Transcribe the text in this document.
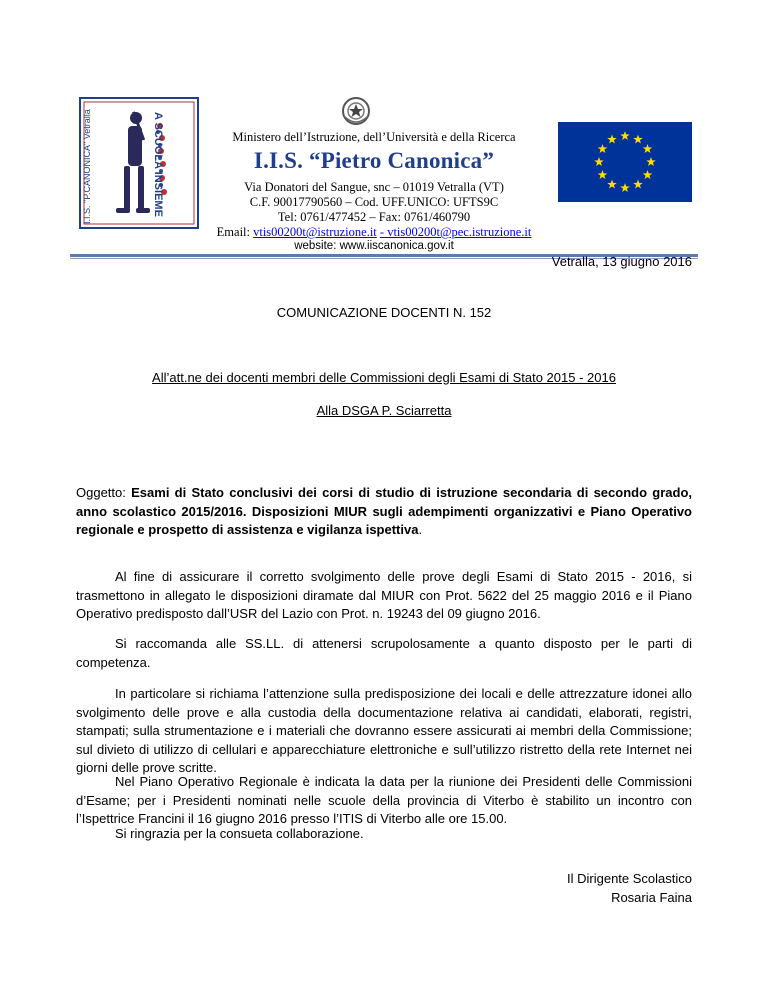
A SCUOLA INSIEME
I.I.S. "P.CANONICA" Vetralla	Ministero dell’Istruzione, dell’Università e della Ricerca
I.I.S. “Pietro Canonica”
Via Donatori del Sangue, snc – 01019 Vetralla (VT)
C.F. 90017790560 – Cod. UFF.UNICO: UFTS9C
Tel: 0761/477452 – Fax: 0761/460790
Email: vtis00200t@istruzione.it - vtis00200t@pec.istruzione.it
website: www.iiscanonica.gov.it
Vetralla, 13 giugno 2016
COMUNICAZIONE DOCENTI N. 152
All’att.ne dei docenti membri delle Commissioni degli Esami di Stato 2015 - 2016
Alla DSGA P. Sciarretta
Oggetto: Esami di Stato conclusivi dei corsi di studio di istruzione secondaria di secondo grado, anno scolastico 2015/2016. Disposizioni MIUR sugli adempimenti organizzativi e Piano Operativo regionale e prospetto di assistenza e vigilanza ispettiva.
Al fine di assicurare il corretto svolgimento delle prove degli Esami di Stato 2015 - 2016, si trasmettono in allegato le disposizioni diramate dal MIUR con Prot. 5622 del 25 maggio 2016 e il Piano Operativo predisposto dall’USR del Lazio con Prot. n. 19243 del 09 giugno 2016.
Si raccomanda alle SS.LL. di attenersi scrupolosamente a quanto disposto per le parti di competenza.
In particolare si richiama l’attenzione sulla predisposizione dei locali e delle attrezzature idonei allo svolgimento delle prove e alla custodia della documentazione relativa ai candidati, elaborati, registri, stampati; sulla strumentazione e i materiali che dovranno essere assicurati ai membri della Commissione; sul divieto di utilizzo di cellulari e apparecchiature elettroniche e sull’utilizzo ristretto della rete Internet nei giorni delle prove scritte.
Nel Piano Operativo Regionale è indicata la data per la riunione dei Presidenti delle Commissioni d’Esame; per i Presidenti nominati nelle scuole della provincia di Viterbo è stabilito un incontro con l’Ispettrice Francini il 16 giugno 2016 presso l’ITIS di Viterbo alle ore 15.00.
Si ringrazia per la consueta collaborazione.
Il Dirigente Scolastico
Rosaria Faina
